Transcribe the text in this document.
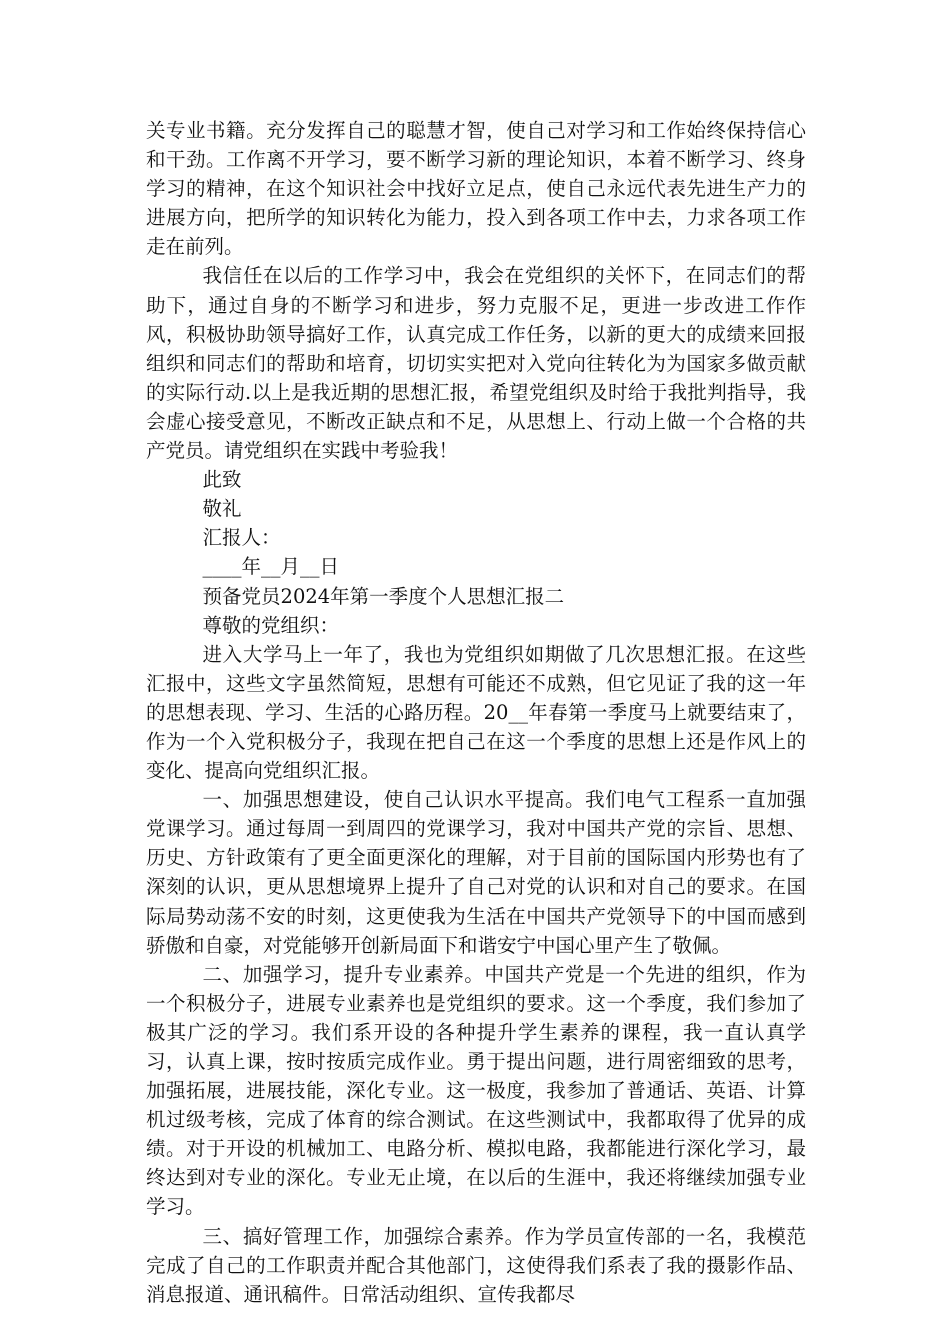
关专业书籍。充分发挥自己的聪慧才智，使自己对学习和工作始终保持信心和干劲。工作离不开学习，要不断学习新的理论知识，本着不断学习、终身学习的精神，在这个知识社会中找好立足点，使自己永远代表先进生产力的进展方向，把所学的知识转化为能力，投入到各项工作中去，力求各项工作走在前列。

我信任在以后的工作学习中，我会在党组织的关怀下，在同志们的帮助下，通过自身的不断学习和进步，努力克服不足，更进一步改进工作作风，积极协助领导搞好工作，认真完成工作任务，以新的更大的成绩来回报组织和同志们的帮助和培育，切切实实把对入党向往转化为为国家多做贡献的实际行动.以上是我近期的思想汇报，希望党组织及时给于我批判指导，我会虚心接受意见，不断改正缺点和不足，从思想上、行动上做一个合格的共产党员。请党组织在实践中考验我！

此致

敬礼

汇报人：

____年__月__日

预备党员2024年第一季度个人思想汇报二

尊敬的党组织：

进入大学马上一年了，我也为党组织如期做了几次思想汇报。在这些汇报中，这些文字虽然简短，思想有可能还不成熟，但它见证了我的这一年的思想表现、学习、生活的心路历程。20__年春第一季度马上就要结束了，作为一个入党积极分子，我现在把自己在这一个季度的思想上还是作风上的变化、提高向党组织汇报。

一、加强思想建设，使自己认识水平提高。我们电气工程系一直加强党课学习。通过每周一到周四的党课学习，我对中国共产党的宗旨、思想、历史、方针政策有了更全面更深化的理解，对于目前的国际国内形势也有了深刻的认识，更从思想境界上提升了自己对党的认识和对自己的要求。在国际局势动荡不安的时刻，这更使我为生活在中国共产党领导下的中国而感到骄傲和自豪，对党能够开创新局面下和谐安宁中国心里产生了敬佩。

二、加强学习，提升专业素养。中国共产党是一个先进的组织，作为一个积极分子，进展专业素养也是党组织的要求。这一个季度，我们参加了极其广泛的学习。我们系开设的各种提升学生素养的课程，我一直认真学习，认真上课，按时按质完成作业。勇于提出问题，进行周密细致的思考，加强拓展，进展技能，深化专业。这一极度，我参加了普通话、英语、计算机过级考核，完成了体育的综合测试。在这些测试中，我都取得了优异的成绩。对于开设的机械加工、电路分析、模拟电路，我都能进行深化学习，最终达到对专业的深化。专业无止境，在以后的生涯中，我还将继续加强专业学习。

三、搞好管理工作，加强综合素养。作为学员宣传部的一名，我模范完成了自己的工作职责并配合其他部门，这使得我们系表了我的摄影作品、消息报道、通讯稿件。日常活动组织、宣传我都尽
